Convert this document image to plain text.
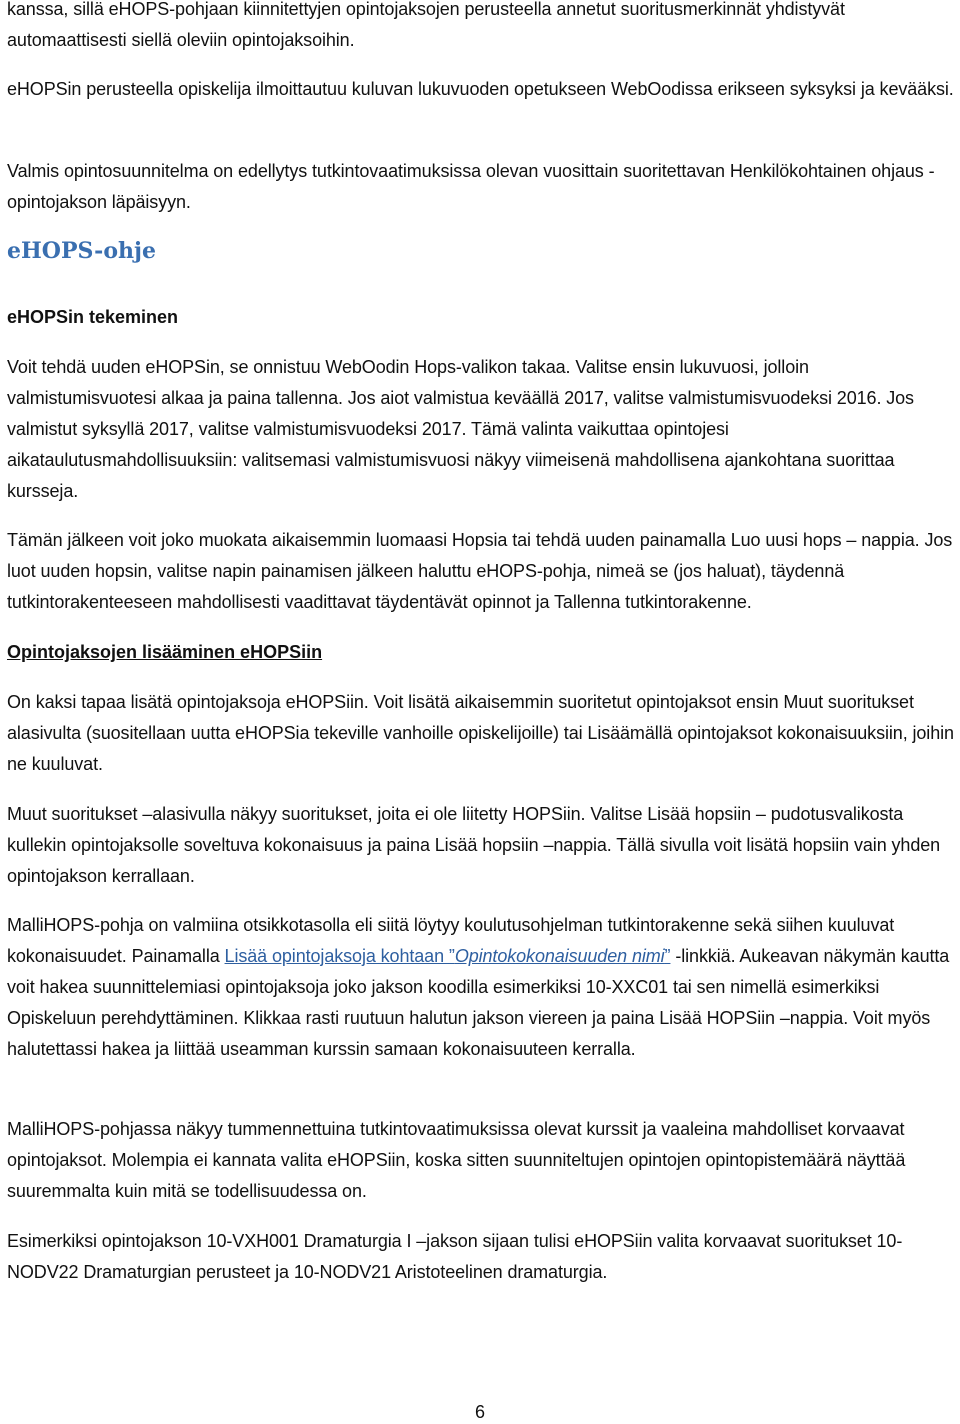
kanssa, sillä eHOPS-pohjaan kiinnitettyjen opintojaksojen perusteella annetut suoritusmerkinnät yhdistyvät automaattisesti siellä oleviin opintojaksoihin.

eHOPSin perusteella opiskelija ilmoittautuu kuluvan lukuvuoden opetukseen WebOodissa erikseen syksyksi ja kevääksi.

Valmis opintosuunnitelma on edellytys tutkintovaatimuksissa olevan vuosittain suoritettavan Henkilökohtainen ohjaus -opintojakson läpäisyyn.

eHOPS-ohje
eHOPSin tekeminen

Voit tehdä uuden eHOPSin, se onnistuu WebOodin Hops-valikon takaa. Valitse ensin lukuvuosi, jolloin valmistumisvuotesi alkaa ja paina tallenna. Jos aiot valmistua keväällä 2017, valitse valmistumisvuodeksi 2016. Jos valmistut syksyllä 2017, valitse valmistumisvuodeksi 2017. Tämä valinta vaikuttaa opintojesi aikataulutusmahdollisuuksiin: valitsemasi valmistumisvuosi näkyy viimeisenä mahdollisena ajankohtana suorittaa kursseja.

Tämän jälkeen voit joko muokata aikaisemmin luomaasi Hopsia tai tehdä uuden painamalla Luo uusi hops – nappia. Jos luot uuden hopsin, valitse napin painamisen jälkeen haluttu eHOPS-pohja, nimeä se (jos haluat), täydennä tutkintorakenteeseen mahdollisesti vaadittavat täydentävät opinnot ja Tallenna tutkintorakenne.

Opintojaksojen lisääminen eHOPSiin

On kaksi tapaa lisätä opintojaksoja eHOPSiin. Voit lisätä aikaisemmin suoritetut opintojaksot ensin Muut suoritukset alasivulta (suositellaan uutta eHOPSia tekeville vanhoille opiskelijoille) tai Lisäämällä opintojaksot kokonaisuuksiin, joihin ne kuuluvat.

Muut suoritukset –alasivulla näkyy suoritukset, joita ei ole liitetty HOPSiin. Valitse Lisää hopsiin – pudotusvalikosta kullekin opintojaksolle soveltuva kokonaisuus ja paina Lisää hopsiin –nappia. Tällä sivulla voit lisätä hopsiin vain yhden opintojakson kerrallaan.

MalliHOPS-pohja on valmiina otsikkotasolla eli siitä löytyy koulutusohjelman tutkintorakenne sekä siihen kuuluvat kokonaisuudet. Painamalla Lisää opintojaksoja kohtaan ”Opintokokonaisuuden nimi” -linkkiä. Aukeavan näkymän kautta voit hakea suunnittelemiasi opintojaksoja joko jakson koodilla esimerkiksi 10-XXC01 tai sen nimellä esimerkiksi Opiskeluun perehdyttäminen. Klikkaa rasti ruutuun halutun jakson viereen ja paina Lisää HOPSiin –nappia. Voit myös halutettassi hakea ja liittää useamman kurssin samaan kokonaisuuteen kerralla.

MalliHOPS-pohjassa näkyy tummennettuina tutkintovaatimuksissa olevat kurssit ja vaaleina mahdolliset korvaavat opintojaksot. Molempia ei kannata valita eHOPSiin, koska sitten suunniteltujen opintojen opintopistemäärä näyttää suuremmalta kuin mitä se todellisuudessa on.

Esimerkiksi opintojakson 10-VXH001 Dramaturgia I –jakson sijaan tulisi eHOPSiin valita korvaavat suoritukset 10-NODV22 Dramaturgian perusteet ja 10-NODV21 Aristoteelinen dramaturgia.

6
